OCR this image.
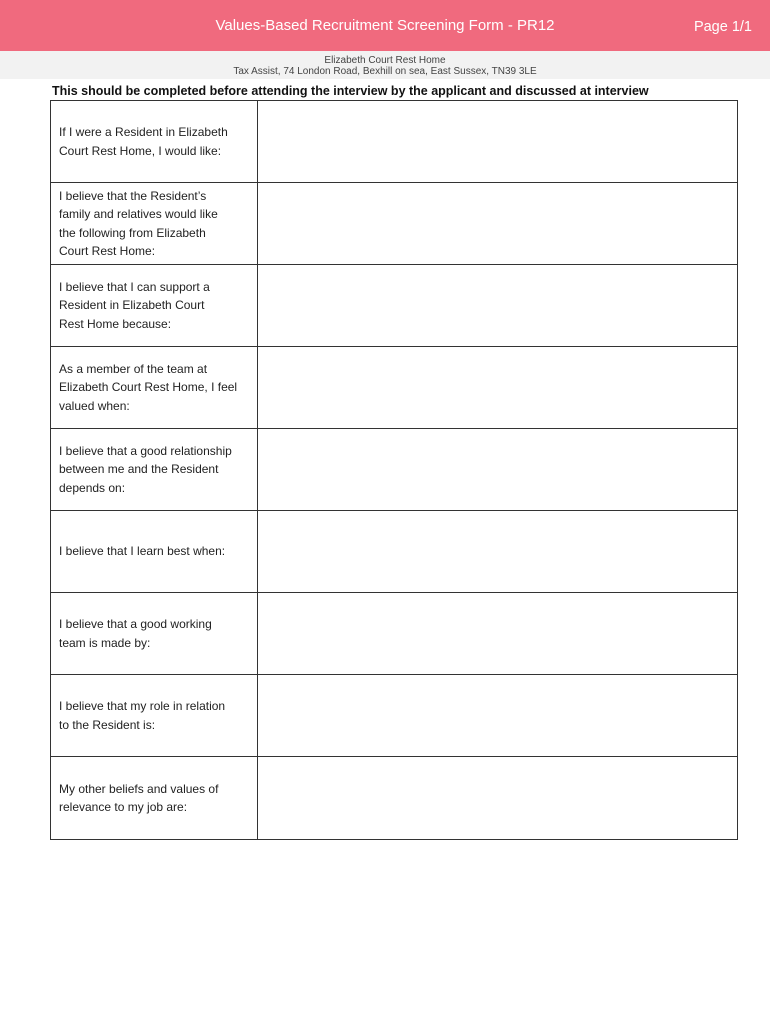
Values-Based Recruitment Screening Form - PR12	Page 1/1
Elizabeth Court Rest Home
Tax Assist, 74 London Road, Bexhill on sea, East Sussex, TN39 3LE
This should be completed before attending the interview by the applicant and discussed at interview
If I were a Resident in Elizabeth
Court Rest Home, I would like:
I believe that the Resident’s
family and relatives would like
the following from Elizabeth
Court Rest Home:
I believe that I can support a
Resident in Elizabeth Court
Rest Home because:
As a member of the team at
Elizabeth Court Rest Home, I feel
valued when:
I believe that a good relationship
between me and the Resident
depends on:
I believe that I learn best when:
I believe that a good working
team is made by:
I believe that my role in relation
to the Resident is:
My other beliefs and values of
relevance to my job are:
